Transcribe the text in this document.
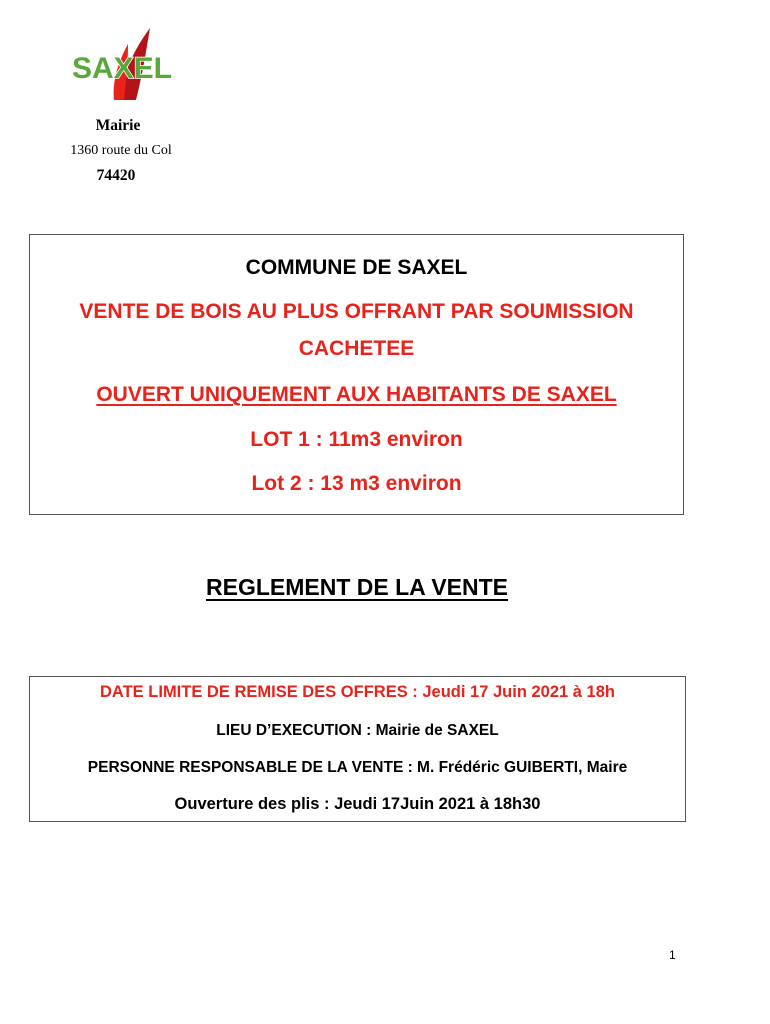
SAXEL
Mairie
1360 route du Col
74420
COMMUNE DE SAXEL
VENTE DE BOIS AU PLUS OFFRANT PAR SOUMISSION
CACHETEE
OUVERT UNIQUEMENT AUX HABITANTS DE SAXEL
LOT 1 : 11m3 environ
Lot 2 : 13 m3 environ
REGLEMENT DE LA VENTE
DATE LIMITE DE REMISE DES OFFRES : Jeudi 17 Juin 2021 à 18h
LIEU D’EXECUTION : Mairie de SAXEL
PERSONNE RESPONSABLE DE LA VENTE : M. Frédéric GUIBERTI, Maire
Ouverture des plis : Jeudi 17Juin 2021 à 18h30
1
